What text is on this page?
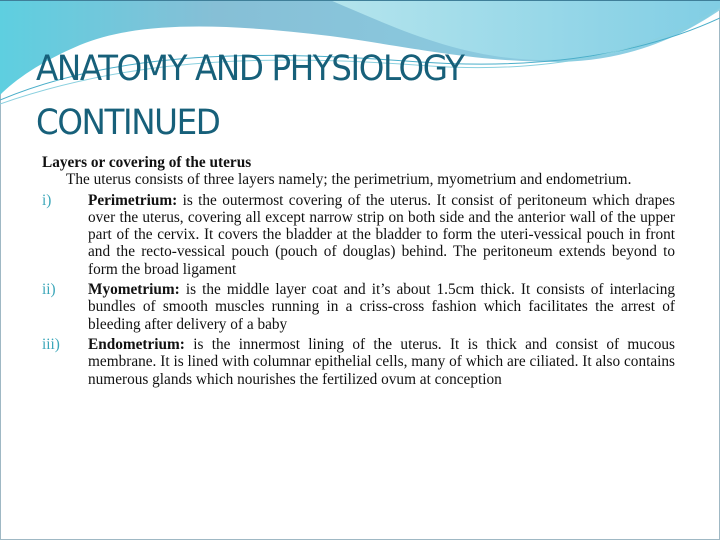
ANATOMY AND PHYSIOLOGY
CONTINUED
Layers or covering of the uterus
The uterus consists of three layers namely; the perimetrium, myometrium and endometrium.
i)	Perimetrium: is the outermost covering of the uterus. It consist of peritoneum which drapes over the uterus, covering all except narrow strip on both side and the anterior wall of the upper part of the cervix. It covers the bladder at the bladder to form the uteri-vessical pouch in front and the recto-vessical pouch (pouch of douglas) behind. The peritoneum extends beyond to form the broad ligament
ii)	Myometrium: is the middle layer coat and it’s about 1.5cm thick. It consists of interlacing bundles of smooth muscles running in a criss-cross fashion which facilitates the arrest of bleeding after delivery of a baby
iii)	Endometrium: is the innermost lining of the uterus. It is thick and consist of mucous membrane. It is lined with columnar epithelial cells, many of which are ciliated. It also contains numerous glands which nourishes the fertilized ovum at conception
